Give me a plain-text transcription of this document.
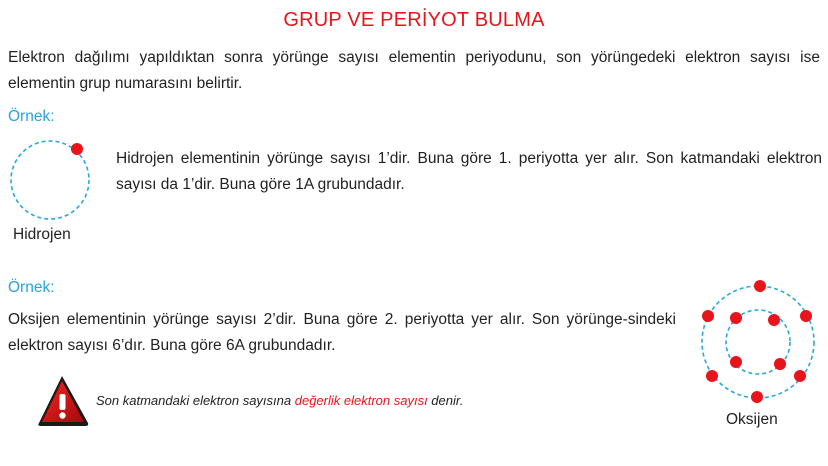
GRUP VE PERİYOT BULMA
Elektron dağılımı yapıldıktan sonra yörünge sayısı elementin periyodunu, son yörüngedeki elektron sayısı ise elementin grup numarasını belirtir.
Örnek:
Hidrojen
Hidrojen elementinin yörünge sayısı 1’dir. Buna göre 1. periyotta yer alır. Son katmandaki elektron sayısı da 1’dir. Buna göre 1A grubundadır.
Örnek:
Oksijen elementinin yörünge sayısı 2’dir. Buna göre 2. periyotta yer alır. Son yörünge-sindeki elektron sayısı 6’dır. Buna göre 6A grubundadır.
Oksijen
Son katmandaki elektron sayısına değerlik elektron sayısı denir.
